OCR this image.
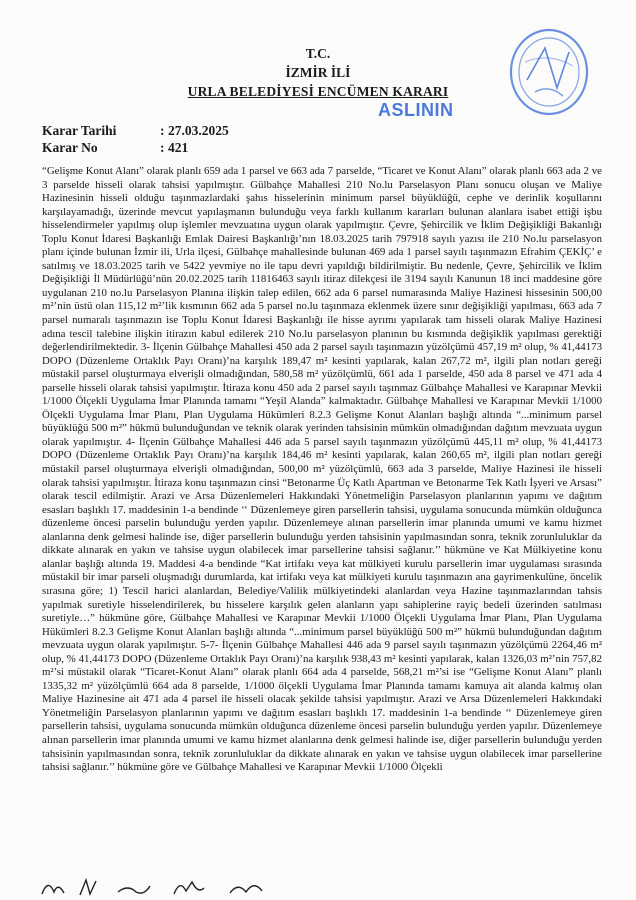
T.C.
İZMİR İLİ
URLA BELEDİYESİ ENCÜMEN KARARI
ASLININ
Karar Tarihi	: 27.03.2025
Karar No	: 421

“Gelişme Konut Alanı” olarak planlı 659 ada 1 parsel ve 663 ada 7 parselde, “Ticaret ve Konut Alanı” olarak planlı 663 ada 2 ve 3 parselde hisseli olarak tahsisi yapılmıştır. Gülbahçe Mahallesi 210 No.lu Parselasyon Planı sonucu oluşan ve Maliye Hazinesinin hisseli olduğu taşınmazlardaki şahıs hisselerinin minimum parsel büyüklüğü, cephe ve derinlik koşullarını karşılayamadığı, üzerinde mevcut yapılaşmanın bulunduğu veya farklı kullanım kararları bulunan alanlara isabet ettiği işbu hisselendirmeler yapılmış olup işlemler mevzuatına uygun olarak yapılmıştır. Çevre, Şehircilik ve İklim Değişikliği Bakanlığı Toplu Konut İdaresi Başkanlığı Emlak Dairesi Başkanlığı’nın 18.03.2025 tarih 797918 sayılı yazısı ile 210 No.lu parselasyon planı içinde bulunan İzmir ili, Urla ilçesi, Gülbahçe mahallesinde bulunan 469 ada 1 parsel sayılı taşınmazın Efrahim ÇEKİÇ’ e satılmış ve 18.03.2025 tarih ve 5422 yevmiye no ile tapu devri yapıldığı bildirilmiştir. Bu nedenle, Çevre, Şehircilik ve İklim Değişikliği İl Müdürlüğü’nün 20.02.2025 tarih 11816463 sayılı itiraz dilekçesi ile 3194 sayılı Kanunun 18 inci maddesine göre uygulanan 210 no.lu Parselasyon Planına ilişkin talep edilen, 662 ada 6 parsel numarasında Maliye Hazinesi hissesinin 500,00 m²’nin üstü olan 115,12 m²’lik kısmının 662 ada 5 parsel no.lu taşınmaza eklenmek üzere sınır değişikliği yapılması, 663 ada 7 parsel numaralı taşınmazın ise Toplu Konut İdaresi Başkanlığı ile hisse ayrımı yapılarak tam hisseli olarak Maliye Hazinesi adına tescil talebine ilişkin itirazın kabul edilerek 210 No.lu parselasyon planının bu kısmında değişiklik yapılması gerektiği değerlendirilmektedir. 3- İlçenin Gülbahçe Mahallesi 450 ada 2 parsel sayılı taşınmazın yüzölçümü 457,19 m² olup, % 41,44173 DOPO (Düzenleme Ortaklık Payı Oranı)’na karşılık 189,47 m² kesinti yapılarak, kalan 267,72 m², ilgili plan notları gereği müstakil parsel oluşturmaya elverişli olmadığından, 580,58 m² yüzölçümlü, 661 ada 1 parselde, 450 ada 8 parsel ve 471 ada 4 parselle hisseli olarak tahsisi yapılmıştır. İtiraza konu 450 ada 2 parsel sayılı taşınmaz Gülbahçe Mahallesi ve Karapınar Mevkii 1/1000 Ölçekli Uygulama İmar Planında tamamı “Yeşil Alanda” kalmaktadır. Gülbahçe Mahallesi ve Karapınar Mevkii 1/1000 Ölçekli Uygulama İmar Planı, Plan Uygulama Hükümleri 8.2.3 Gelişme Konut Alanları başlığı altında “...minimum parsel büyüklüğü 500 m²” hükmü bulunduğundan ve teknik olarak yerinden tahsisinin mümkün olmadığından dağıtım mevzuata uygun olarak yapılmıştır. 4- İlçenin Gülbahçe Mahallesi 446 ada 5 parsel sayılı taşınmazın yüzölçümü 445,11 m² olup, % 41,44173 DOPO (Düzenleme Ortaklık Payı Oranı)’na karşılık 184,46 m² kesinti yapılarak, kalan 260,65 m², ilgili plan notları gereği müstakil parsel oluşturmaya elverişli olmadığından, 500,00 m² yüzölçümlü, 663 ada 3 parselde, Maliye Hazinesi ile hisseli olarak tahsisi yapılmıştır. İtiraza konu taşınmazın cinsi “Betonarme Üç Katlı Apartman ve Betonarme Tek Katlı İşyeri ve Arsası” olarak tescil edilmiştir. Arazi ve Arsa Düzenlemeleri Hakkındaki Yönetmeliğin Parselasyon planlarının yapımı ve dağıtım esasları başlıklı 17. maddesinin 1-a bendinde ‘‘ Düzenlemeye giren parsellerin tahsisi, uygulama sonucunda mümkün olduğunca düzenleme öncesi parselin bulunduğu yerden yapılır. Düzenlemeye alınan parsellerin imar planında umumi ve kamu hizmet alanlarına denk gelmesi halinde ise, diğer parsellerin bulunduğu yerden tahsisinin yapılmasından sonra, teknik zorunluluklar da dikkate alınarak en yakın ve tahsise uygun olabilecek imar parsellerine tahsisi sağlanır.’’ hükmüne ve Kat Mülkiyetine konu alanlar başlığı altında 19. Maddesi 4-a bendinde “Kat irtifakı veya kat mülkiyeti kurulu parsellerin imar uygulaması sırasında müstakil bir imar parseli oluşmadığı durumlarda, kat irtifakı veya kat mülkiyeti kurulu taşınmazın ana gayrimenkulüne, öncelik sırasına göre; 1) Tescil harici alanlardan, Belediye/Valilik mülkiyetindeki alanlardan veya Hazine taşınmazlarından tahsis yapılmak suretiyle hisselendirilerek, bu hisselere karşılık gelen alanların yapı sahiplerine rayiç bedeli üzerinden satılması suretiyle…” hükmüne göre, Gülbahçe Mahallesi ve Karapınar Mevkii 1/1000 Ölçekli Uygulama İmar Planı, Plan Uygulama Hükümleri 8.2.3 Gelişme Konut Alanları başlığı altında “...minimum parsel büyüklüğü 500 m²” hükmü bulunduğundan dağıtım mevzuata uygun olarak yapılmıştır. 5-7- İlçenin Gülbahçe Mahallesi 446 ada 9 parsel sayılı taşınmazın yüzölçümü 2264,46 m² olup, % 41,44173 DOPO (Düzenleme Ortaklık Payı Oranı)’na karşılık 938,43 m² kesinti yapılarak, kalan 1326,03 m²’nin 757,82 m²’si müstakil olarak “Ticaret-Konut Alanı” olarak planlı 664 ada 4 parselde, 568,21 m²’si ise “Gelişme Konut Alanı” planlı 1335,32 m² yüzölçümlü 664 ada 8 parselde, 1/1000 ölçekli Uygulama İmar Planında tamamı kamuya ait alanda kalmış olan Maliye Hazinesine ait 471 ada 4 parsel ile hisseli olacak şekilde tahsisi yapılmıştır. Arazi ve Arsa Düzenlemeleri Hakkındaki Yönetmeliğin Parselasyon planlarının yapımı ve dağıtım esasları başlıklı 17. maddesinin 1-a bendinde ‘‘ Düzenlemeye giren parsellerin tahsisi, uygulama sonucunda mümkün olduğunca düzenleme öncesi parselin bulunduğu yerden yapılır. Düzenlemeye alınan parsellerin imar planında umumi ve kamu hizmet alanlarına denk gelmesi halinde ise, diğer parsellerin bulunduğu yerden tahsisinin yapılmasından sonra, teknik zorunluluklar da dikkate alınarak en yakın ve tahsise uygun olabilecek imar parsellerine tahsisi sağlanır.’’ hükmüne göre ve Gülbahçe Mahallesi ve Karapınar Mevkii 1/1000 Ölçekli
